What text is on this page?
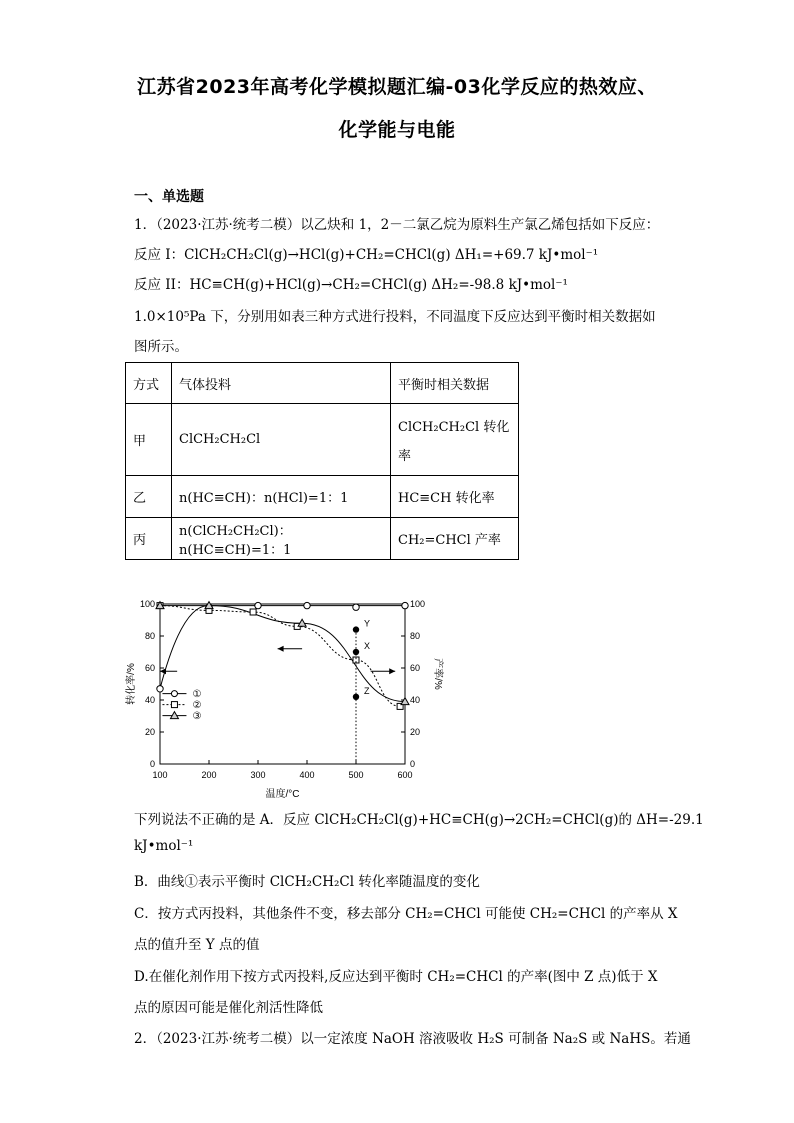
江苏省2023年高考化学模拟题汇编-03化学反应的热效应、
化学能与电能
一、单选题
1．（2023·江苏·统考二模）以乙炔和 1，2－二氯乙烷为原料生产氯乙烯包括如下反应：
反应 I：ClCH₂CH₂Cl(g)→HCl(g)+CH₂=CHCl(g) ΔH₁=+69.7 kJ•mol⁻¹
反应 II：HC≡CH(g)+HCl(g)→CH₂=CHCl(g) ΔH₂=-98.8 kJ•mol⁻¹
1.0×10⁵Pa 下，分别用如表三种方式进行投料，不同温度下反应达到平衡时相关数据如
图所示。
方式	气体投料	平衡时相关数据
甲	ClCH₂CH₂Cl	ClCH₂CH₂Cl 转化
率

乙	n(HC≡CH)：n(HCl)=1：1	HC≡CH 转化率
丙	n(ClCH₂CH₂Cl)：n(HC≡CH)=1：1	CH₂=CHCl 产率
100	200	300	400	500	600
0	0
20	20
40	40
60	60
80	80
100	100
温度/°C
转化率/%	产率/%
Y
X
Z
①
②
③
下列说法不正确的是 A．反应 ClCH₂CH₂Cl(g)+HC≡CH(g)→2CH₂=CHCl(g)的 ΔH=-29.1
kJ•mol⁻¹
B．曲线①表示平衡时 ClCH₂CH₂Cl 转化率随温度的变化
C．按方式丙投料，其他条件不变，移去部分 CH₂=CHCl 可能使 CH₂=CHCl 的产率从 X
点的值升至 Y 点的值
D.在催化剂作用下按方式丙投料,反应达到平衡时 CH₂=CHCl 的产率(图中 Z 点)低于 X
点的原因可能是催化剂活性降低
2．（2023·江苏·统考二模）以一定浓度 NaOH 溶液吸收 H₂S 可制备 Na₂S 或 NaHS。若通
